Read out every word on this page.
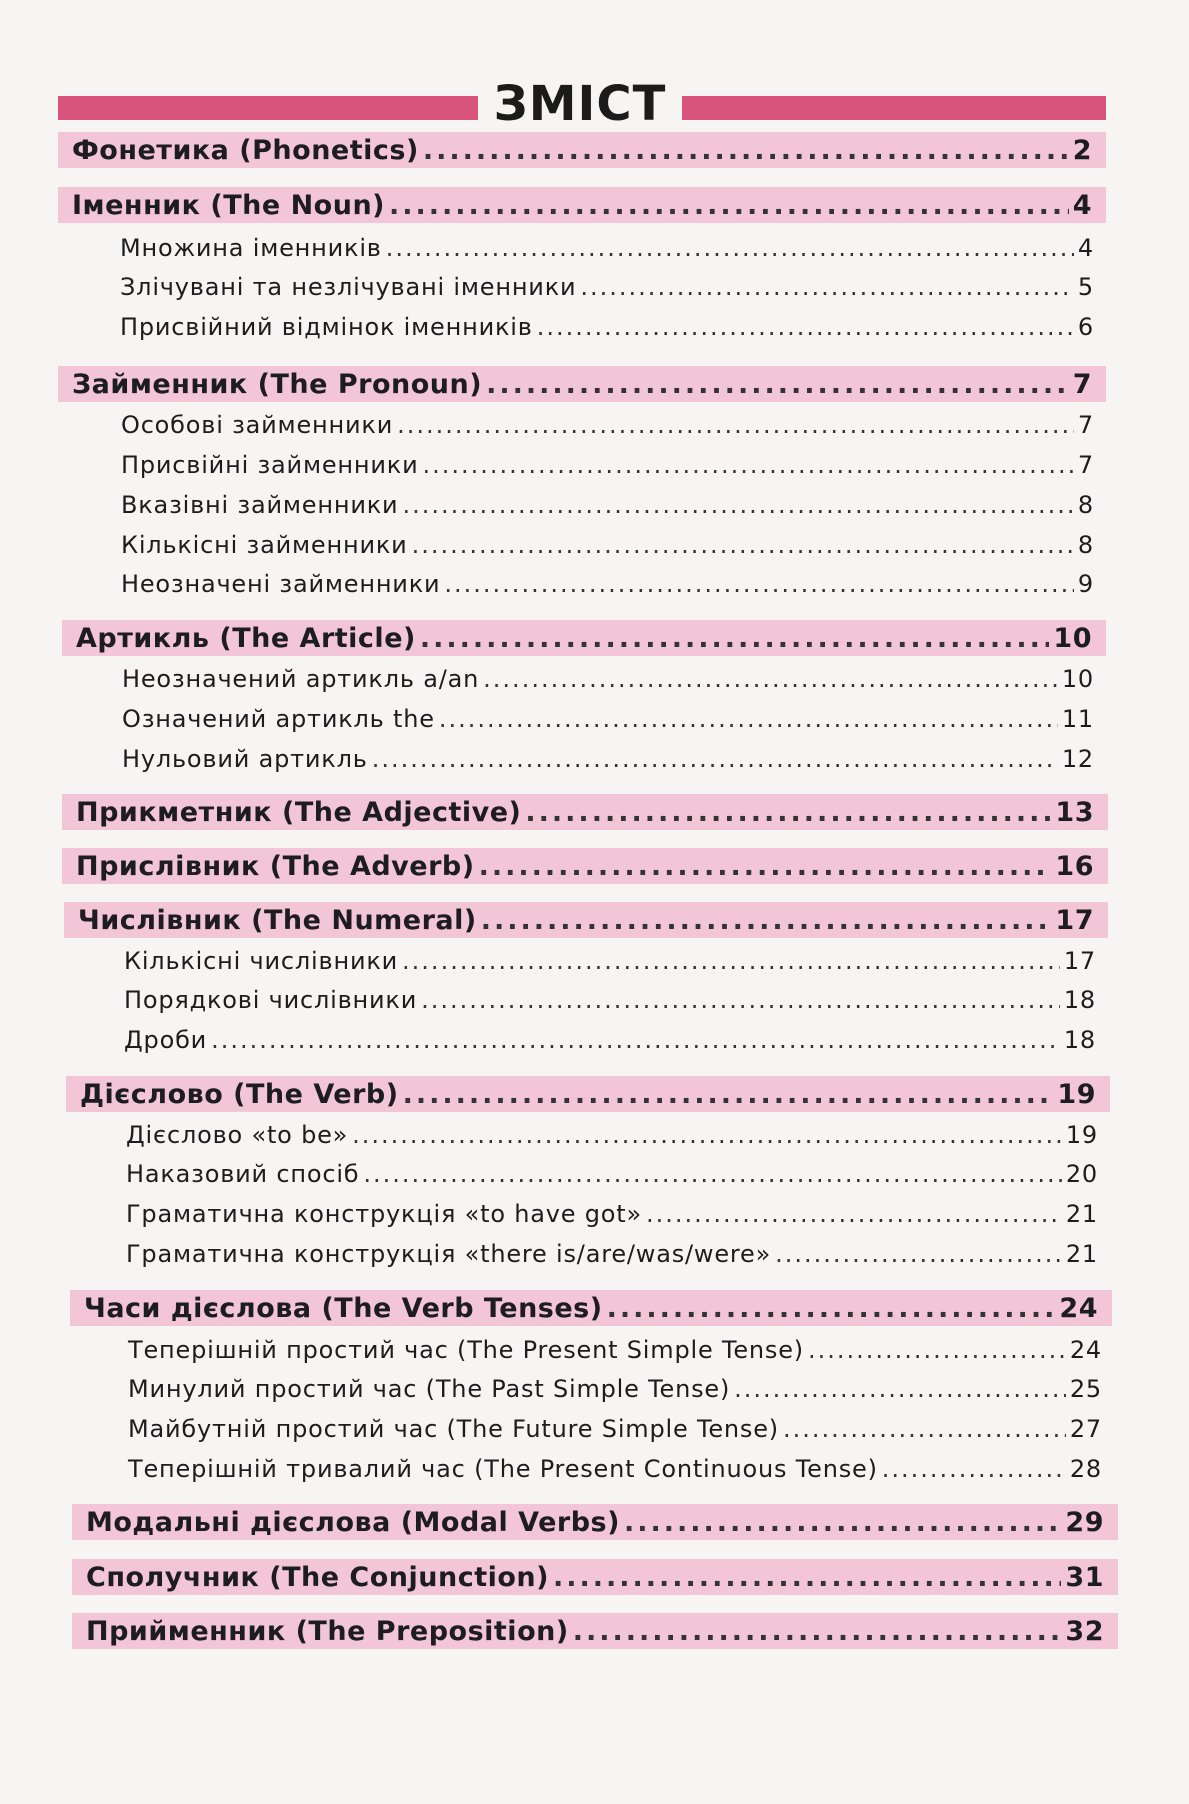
ЗМІСТ
Фонетика (Phonetics) .....	2
Іменник (The Noun) .....	4
Множина іменників .....	4
Злічувані та незлічувані іменники .....	5
Присвійний відмінок іменників .....	6
Займенник (The Pronoun) .....	7
Особові займенники .....	7
Присвійні займенники .....	7
Вказівні займенники .....	8
Кількісні займенники .....	8
Неозначені займенники .....	9
Артикль (The Article) .....	10
Неозначений артикль a/an .....	10
Означений артикль the .....	11
Нульовий артикль .....	12
Прикметник (The Adjective) .....	13
Прислівник (The Adverb) .....	16
Числівник (The Numeral) .....	17
Кількісні числівники .....	17
Порядкові числівники .....	18
Дроби .....	18
Дієслово (The Verb) .....	19
Дієслово «to be» .....	19
Наказовий спосіб .....	20
Граматична конструкція «to have got» .....	21
Граматична конструкція «there is/are/was/were» .....	21
Часи дієслова (The Verb Tenses) .....	24
Теперішній простий час (The Present Simple Tense) .....	24
Минулий простий час (The Past Simple Tense) .....	25
Майбутній простий час (The Future Simple Tense) .....	27
Теперішній тривалий час (The Present Continuous Tense) .....	28
Модальні дієслова (Modal Verbs) .....	29
Сполучник (The Conjunction) .....	31
Прийменник (The Preposition) .....	32
